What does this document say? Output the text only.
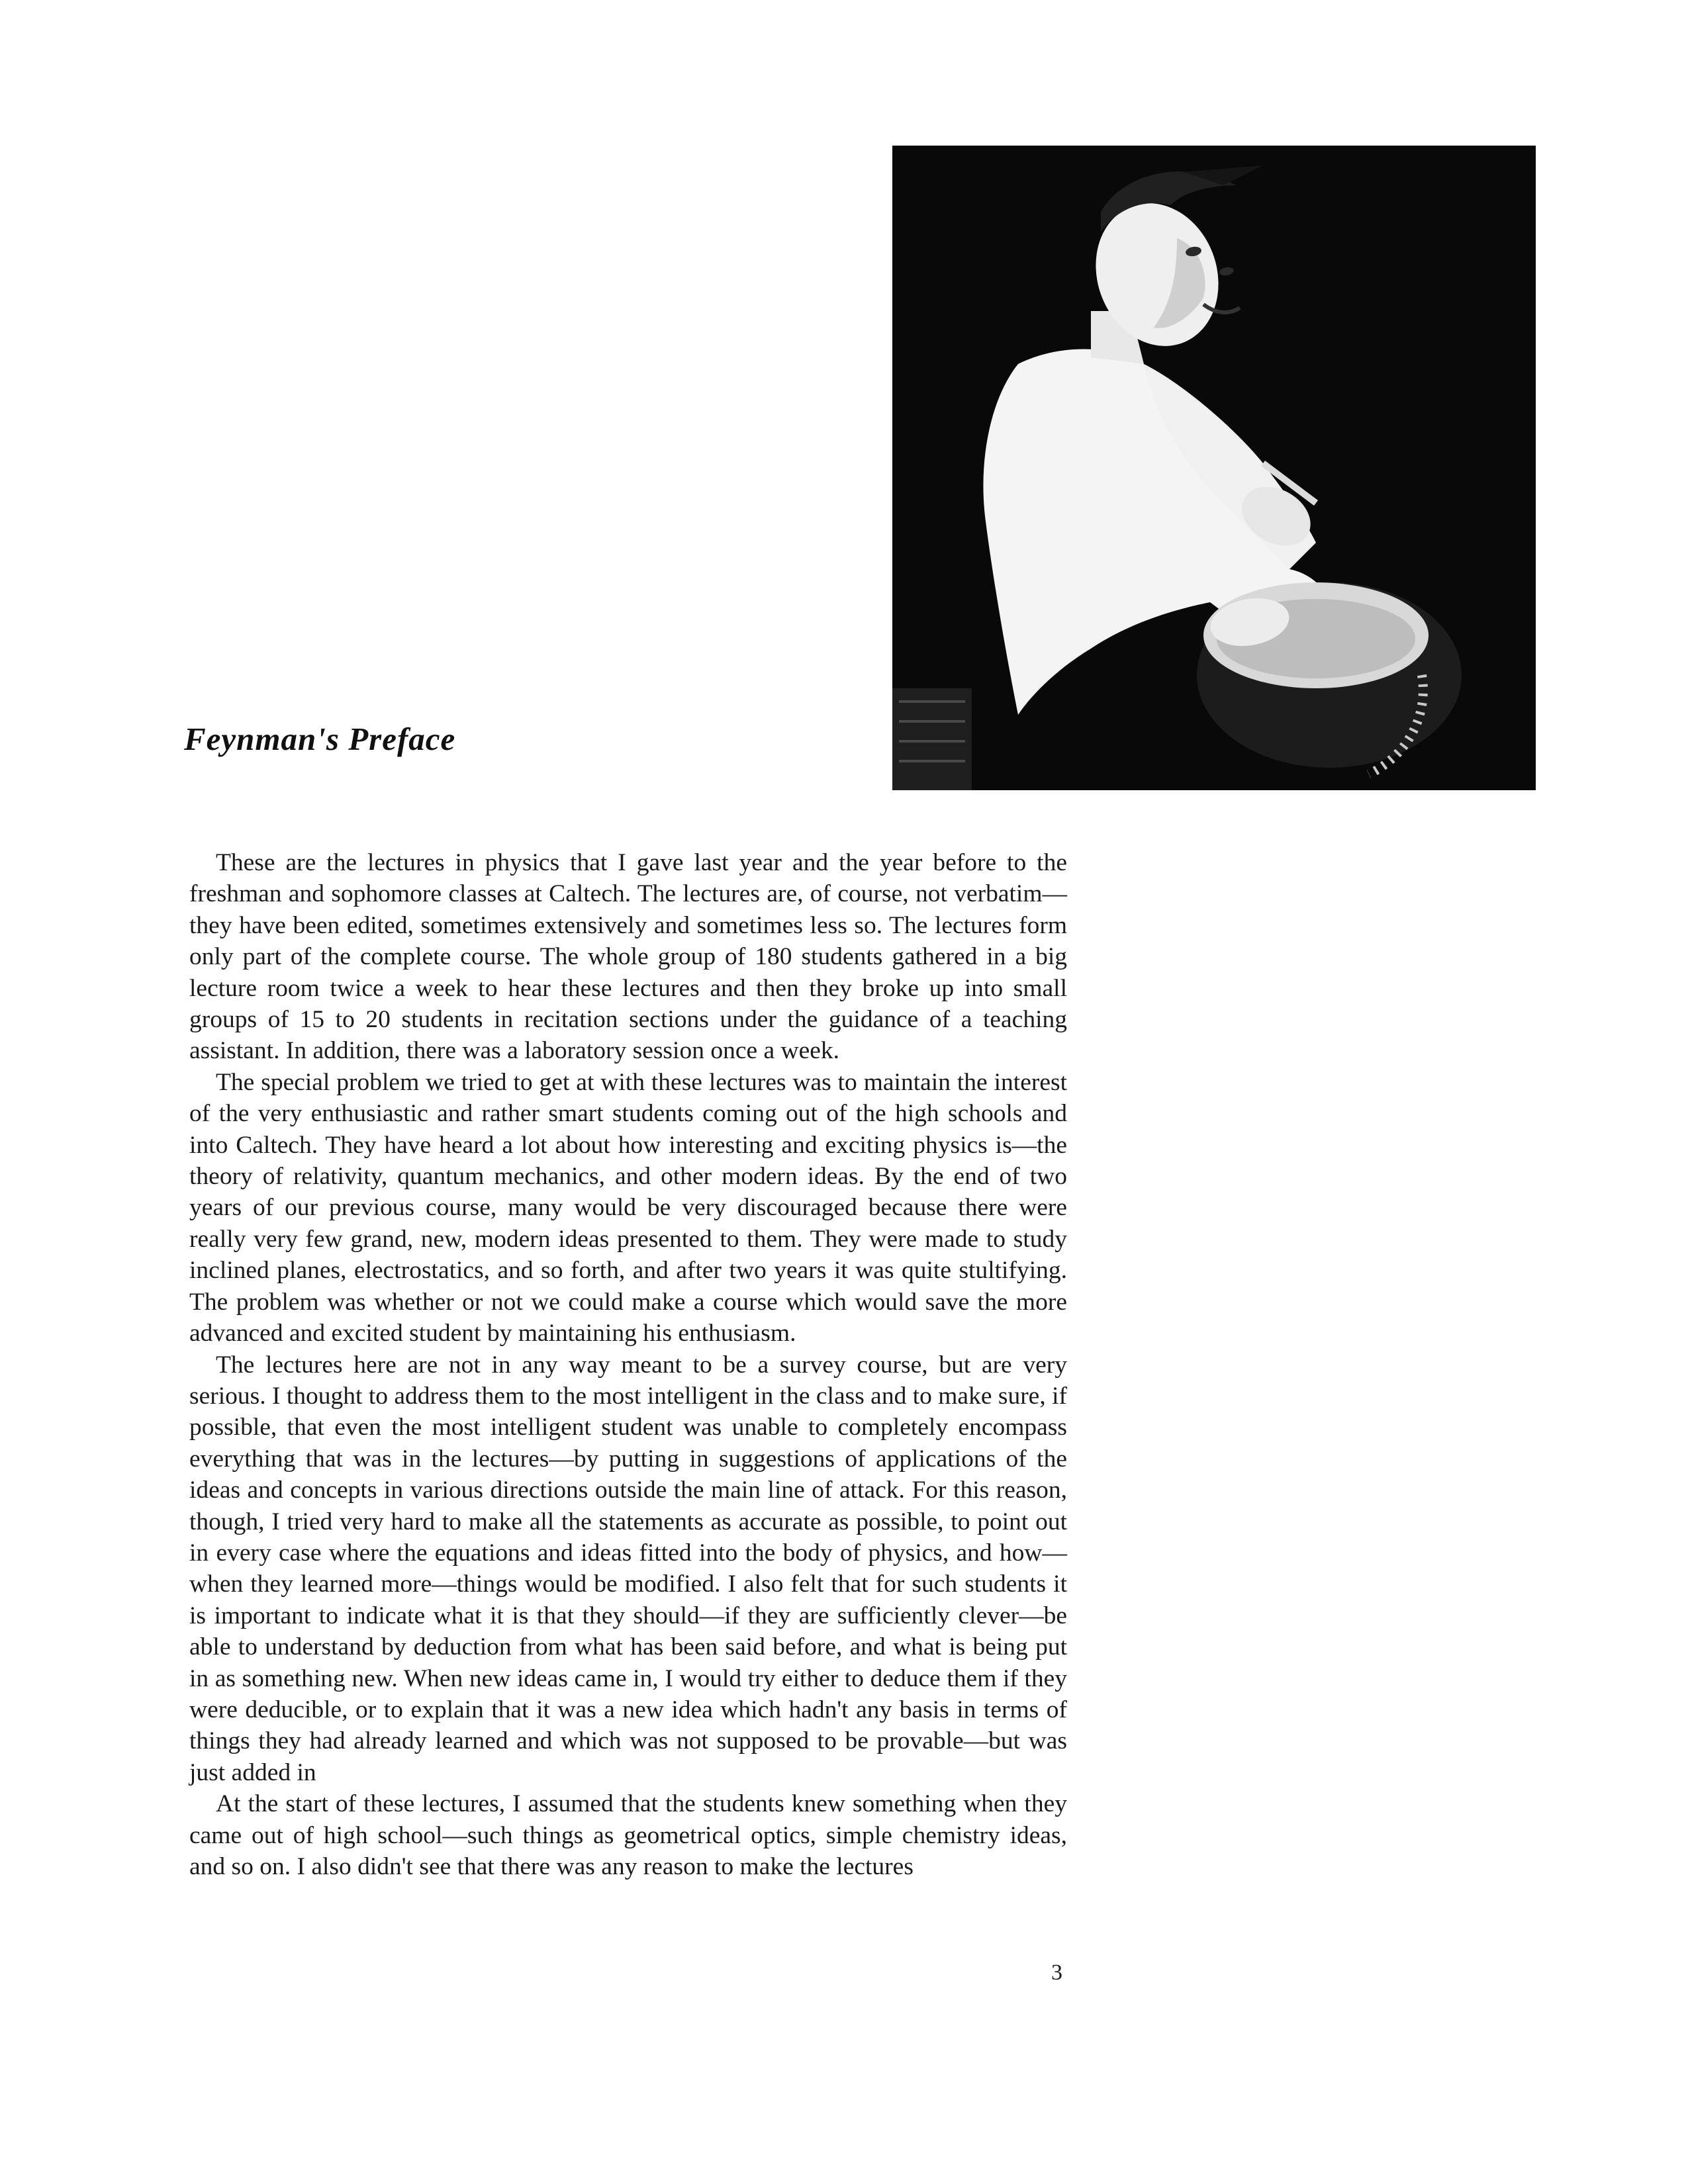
Feynman's Preface

These are the lectures in physics that I gave last year and the year before to the freshman and sophomore classes at Caltech. The lectures are, of course, not verbatim—they have been edited, sometimes extensively and sometimes less so. The lectures form only part of the complete course. The whole group of 180 students gathered in a big lecture room twice a week to hear these lectures and then they broke up into small groups of 15 to 20 students in recitation sections under the guidance of a teaching assistant. In addition, there was a laboratory session once a week.

The special problem we tried to get at with these lectures was to maintain the interest of the very enthusiastic and rather smart students coming out of the high schools and into Caltech. They have heard a lot about how interesting and exciting physics is—the theory of relativity, quantum mechanics, and other modern ideas. By the end of two years of our previous course, many would be very discouraged because there were really very few grand, new, modern ideas presented to them. They were made to study inclined planes, electrostatics, and so forth, and after two years it was quite stultifying. The problem was whether or not we could make a course which would save the more advanced and excited student by maintaining his enthusiasm.

The lectures here are not in any way meant to be a survey course, but are very serious. I thought to address them to the most intelligent in the class and to make sure, if possible, that even the most intelligent student was unable to completely encompass everything that was in the lectures—by putting in suggestions of applications of the ideas and concepts in various directions outside the main line of attack. For this reason, though, I tried very hard to make all the statements as accurate as possible, to point out in every case where the equations and ideas fitted into the body of physics, and how—when they learned more—things would be modified. I also felt that for such students it is important to indicate what it is that they should—if they are sufficiently clever—be able to understand by deduction from what has been said before, and what is being put in as something new. When new ideas came in, I would try either to deduce them if they were deducible, or to explain that it was a new idea which hadn't any basis in terms of things they had already learned and which was not supposed to be provable—but was just added in

At the start of these lectures, I assumed that the students knew something when they came out of high school—such things as geometrical optics, simple chemistry ideas, and so on. I also didn't see that there was any reason to make the lectures

3
